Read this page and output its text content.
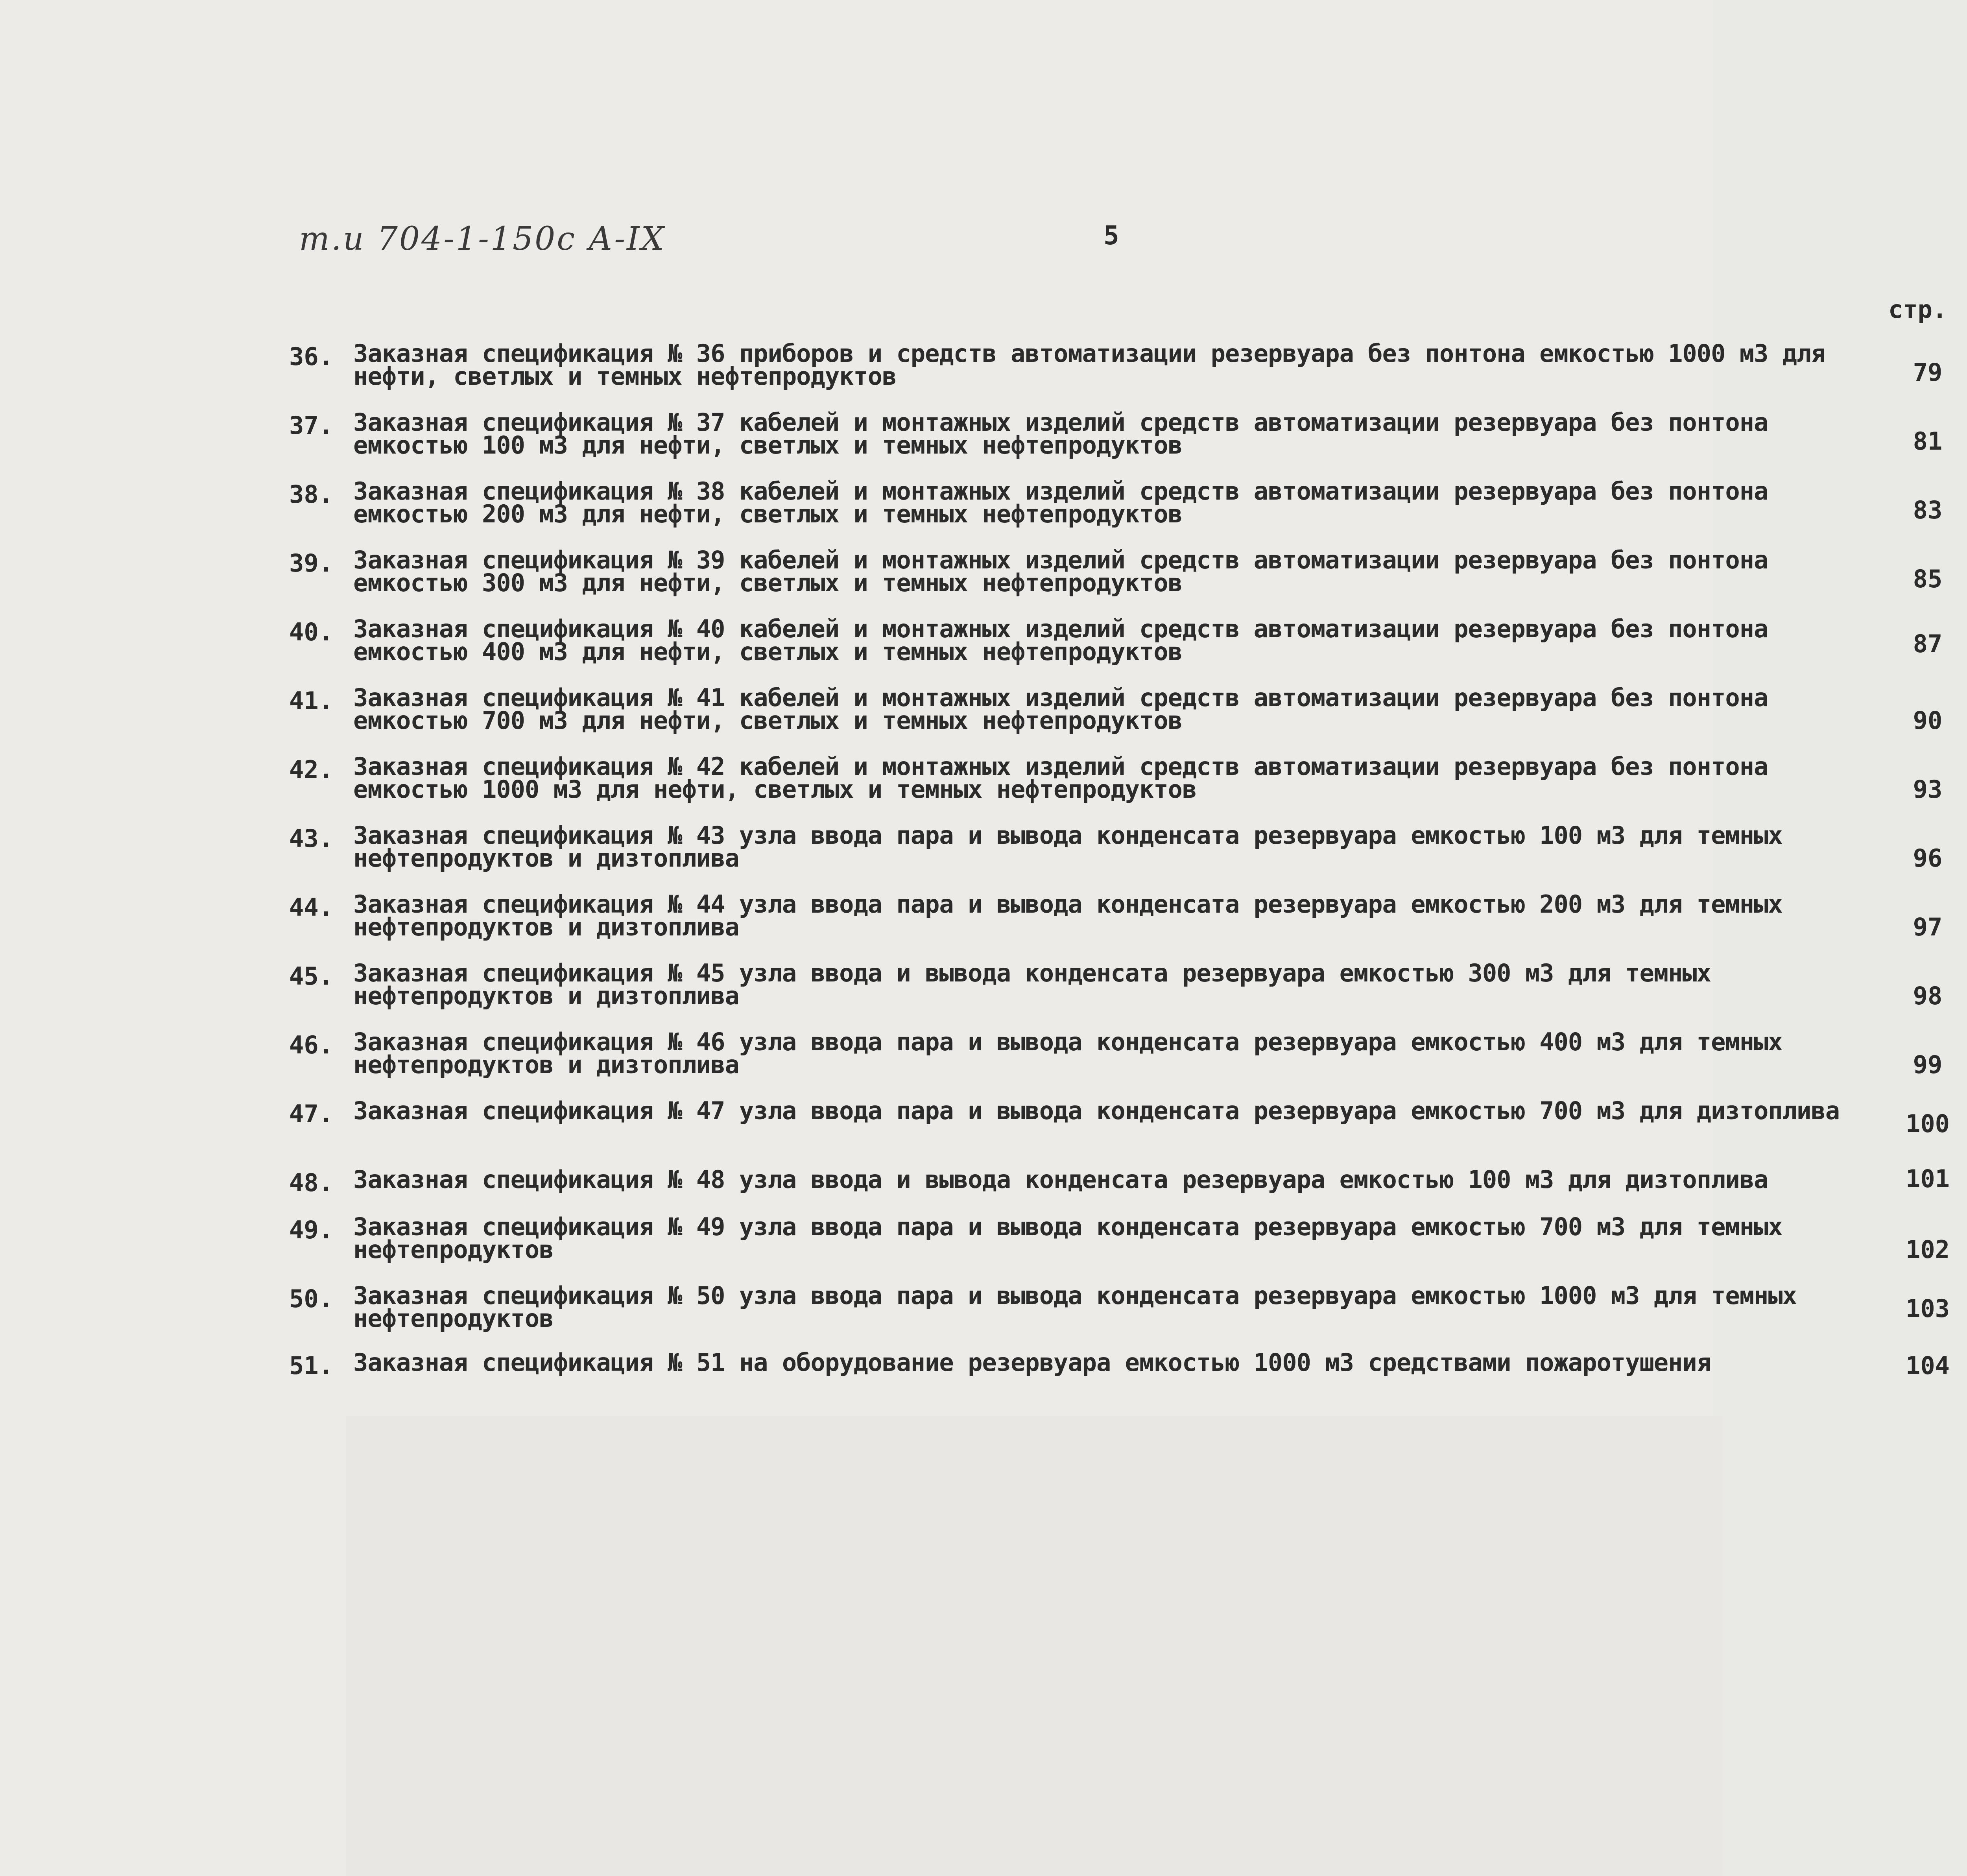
т.и 704-1-150с А-IX	5
стр.
36. Заказная спецификация № 36 приборов и средств автоматизации резервуара без понтона емкостью 1000 м3 для нефти, светлых и темных нефтепродуктов	79
37. Заказная спецификация № 37 кабелей и монтажных изделий средств автоматизации резервуара без понтона емкостью 100 м3 для нефти, светлых и темных нефтепродуктов	81
38. Заказная спецификация № 38 кабелей и монтажных изделий средств автоматизации резервуара без понтона емкостью 200 м3 для нефти, светлых и темных нефтепродуктов	83
39. Заказная спецификация № 39 кабелей и монтажных изделий средств автоматизации резервуара без понтона емкостью 300 м3 для нефти, светлых и темных нефтепродуктов	85
40. Заказная спецификация № 40 кабелей и монтажных изделий средств автоматизации резервуара без понтона емкостью 400 м3 для нефти, светлых и темных нефтепродуктов	87
41. Заказная спецификация № 41 кабелей и монтажных изделий средств автоматизации резервуара без понтона емкостью 700 м3 для нефти, светлых и темных нефтепродуктов	90
42. Заказная спецификация № 42 кабелей и монтажных изделий средств автоматизации резервуара без понтона емкостью 1000 м3 для нефти, светлых и темных нефтепродуктов	93
43. Заказная спецификация № 43 узла ввода пара и вывода конденсата резервуара емкостью 100 м3 для темных нефтепродуктов и дизтоплива	96
44. Заказная спецификация № 44 узла ввода пара и вывода конденсата резервуара емкостью 200 м3 для темных нефтепродуктов и дизтоплива	97
45. Заказная спецификация № 45 узла ввода и вывода конденсата резервуара емкостью 300 м3 для темных нефтепродуктов и дизтоплива	98
46. Заказная спецификация № 46 узла ввода пара и вывода конденсата резервуара емкостью 400 м3 для темных нефтепродуктов и дизтоплива	99
47. Заказная спецификация № 47 узла ввода пара и вывода конденсата резервуара емкостью 700 м3 для дизтоплива	100
48. Заказная спецификация № 48 узла ввода и вывода конденсата резервуара емкостью 100 м3 для дизтоплива	101
49. Заказная спецификация № 49 узла ввода пара и вывода конденсата резервуара емкостью 700 м3 для темных нефтепродуктов	102
50. Заказная спецификация № 50 узла ввода пара и вывода конденсата резервуара емкостью 1000 м3 для темных нефтепродуктов	103
51. Заказная спецификация № 51 на оборудование резервуара емкостью 1000 м3 средствами пожаротушения	104
